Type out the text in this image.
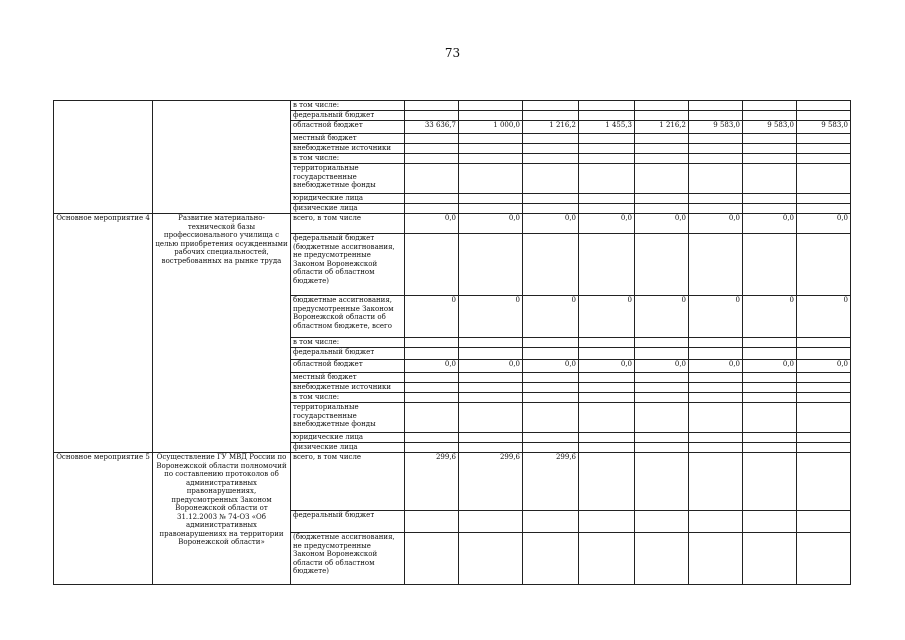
73
		в том числе:								
		федеральный бюджет								
		областной бюджет	33 636,7	1 000,0	1 216,2	1 455,3	1 216,2	9 583,0	9 583,0	9 583,0
		местный бюджет								
		внебюджетные источники								
		в том числе:								
		территориальные государственные внебюджетные фонды								
		юридические лица								
		физические лица								
Основное мероприятие 4	Развитие материально-технической базы профессионального училища с целью приобретения осужденными рабочих специальностей, востребованных на рынке труда	всего, в том числе	0,0	0,0	0,0	0,0	0,0	0,0	0,0	0,0
		федеральный бюджет (бюджетные ассигнования, не предусмотренные Законом Воронежской области об областном бюджете)								
		бюджетные ассигнования, предусмотренные Законом Воронежской области об областном бюджете, всего	0	0	0	0	0	0	0	0
		в том числе:								
		федеральный бюджет								
		областной бюджет	0,0	0,0	0,0	0,0	0,0	0,0	0,0	0,0
		местный бюджет								
		внебюджетные источники								
		в том числе:								
		территориальные государственные внебюджетные фонды								
		юридические лица								
		физические лица								
Основное мероприятие 5	Осуществление ГУ МВД России по Воронежской области полномочий по составлению протоколов об административных правонарушениях, предусмотренных Законом Воронежской области от 31.12.2003 № 74-ОЗ «Об административных правонарушениях на территории Воронежской области»	всего, в том числе	299,6	299,6	299,6					
		федеральный бюджет								
		(бюджетные ассигнования, не предусмотренные Законом Воронежской области об областном бюджете)								
